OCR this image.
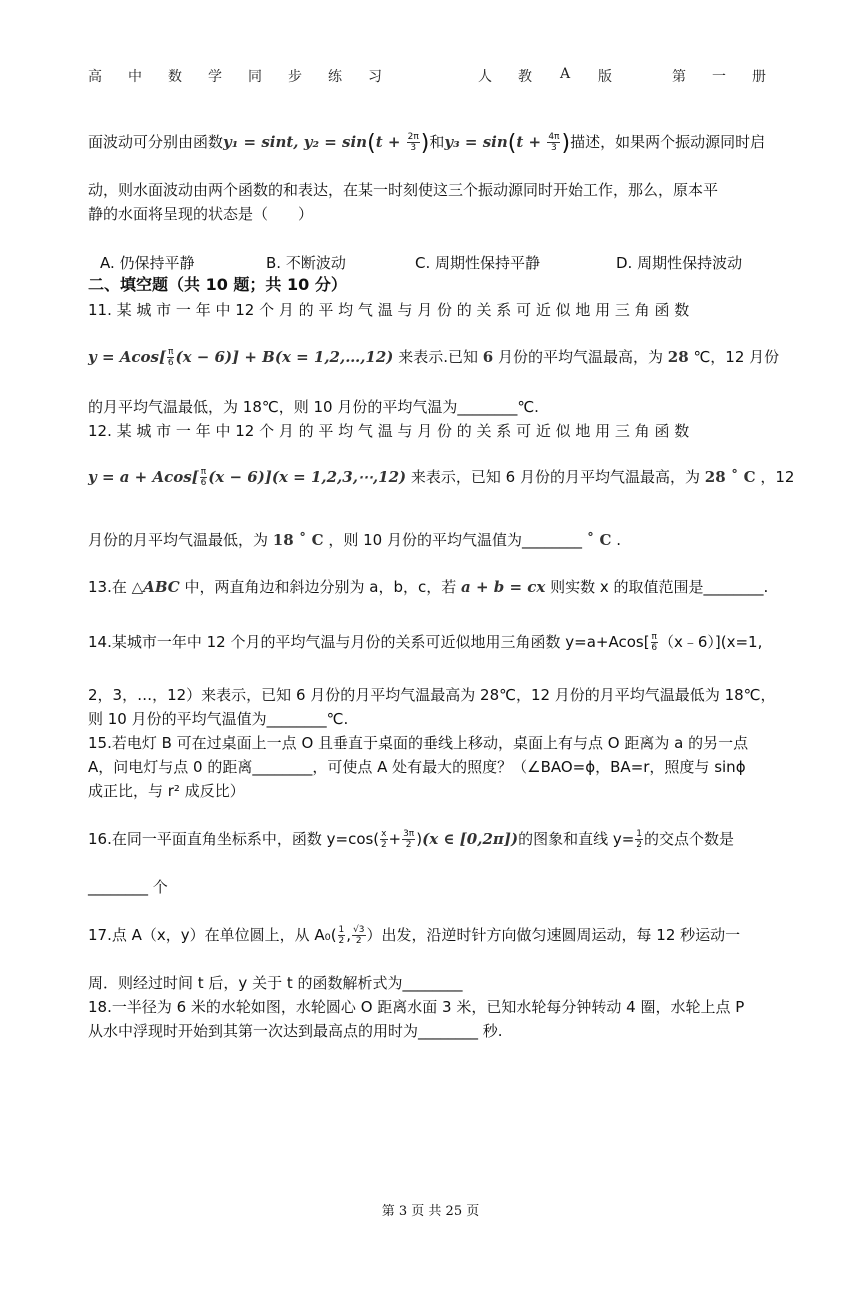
高 中 数 学 同 步 练 习	人 教 A 版	第 一 册
面波动可分别由函数y₁ = sint, $y_2 = \sin(t + \frac{2\pi}{3}$ )和$y_3 = \sin(t + \frac{4\pi}{3}$ )描述，如果两个振动源同时启
动，则水面波动由两个函数的和表达，在某一时刻使这三个振动源同时开始工作，那么，原本平
静的水面将呈现的状态是（　　）
A. 仍保持平静	B. 不断波动	C. 周期性保持平静	D. 周期性保持波动
二、填空题（共 10 题；共 10 分）
11. 某 城 市 一 年 中 12 个 月 的 平 均 气 温 与 月 份 的 关 系 可 近 似 地 用 三 角 函 数
$y = Acos[ \frac{\pi}{6} (x - 6)] + B(x$ = 1,2,…,12) 来表示.已知 6 月份的平均气温最高，为 28 ℃，12 月份
的月平均气温最低，为 18℃，则 10 月份的平均气温为________℃.
12. 某 城 市 一 年 中 12 个 月 的 平 均 气 温 与 月 份 的 关 系 可 近 似 地 用 三 角 函 数
$y = a + Acos[ \frac{\pi}{6} (x - 6)](x$ = 1,2,3,⋯,12) 来表示，已知 6 月份的月平均气温最高，为 28 ˚ C ，12
月份的月平均气温最低，为 18 ˚ C ，则 10 月份的平均气温值为________ ˚ C .
13.在 △ABC 中，两直角边和斜边分别为 a，b，c，若 a + b = cx 则实数 x 的取值范围是________.
14.某城市一年中 12 个月的平均气温与月份的关系可近似地用三角函数 $y=a+Acos[ \frac{\pi}{6}$ （x﹣6）](x=1,
2，3，…，12）来表示，已知 6 月份的月平均气温最高为 28℃，12 月份的月平均气温最低为 18℃，
则 10 月份的平均气温值为________℃.
15.若电灯 B 可在过桌面上一点 O 且垂直于桌面的垂线上移动，桌面上有与点 O 距离为 a 的另一点
A，问电灯与点 0 的距离________，可使点 A 处有最大的照度？（∠BAO=ϕ，BA=r，照度与 sinϕ
成正比，与 r² 成反比）
16.在同一平面直角坐标系中，函数 $y=\cos( \frac{x}{2} + \frac{3\pi}{2} )(x$ ∈ [0,2π])的图象和直线 $y= \frac{1}{2}$ 的交点个数是
________ 个
17.点 A（x，y）在单位圆上，从 $A_0( \frac{1}{2}$ , $\frac{√3}{2}$ ）出发，沿逆时针方向做匀速圆周运动，每 12 秒运动一
周．则经过时间 t 后，y 关于 t 的函数解析式为________
18.一半径为 6 米的水轮如图，水轮圆心 O 距离水面 3 米，已知水轮每分钟转动 4 圈，水轮上点 P
从水中浮现时开始到其第一次达到最高点的用时为________ 秒.
第 3 页 共 25 页
